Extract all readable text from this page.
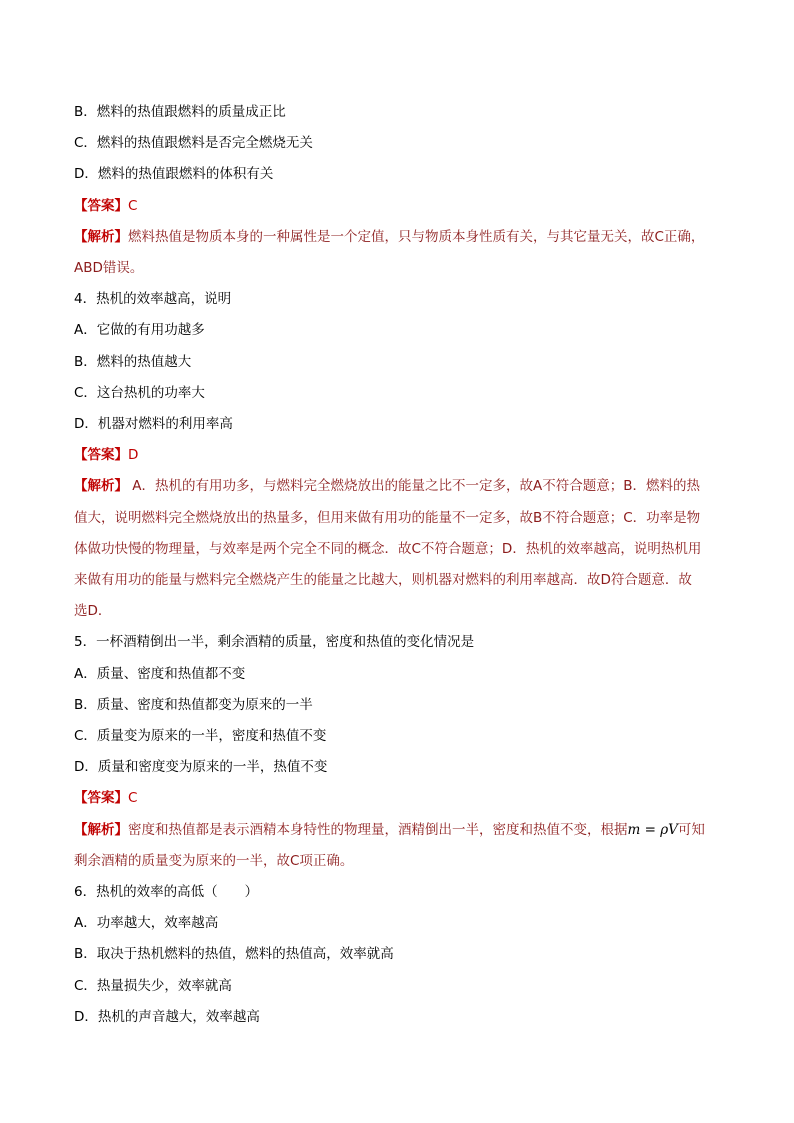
B．燃料的热值跟燃料的质量成正比
C．燃料的热值跟燃料是否完全燃烧无关
D．燃料的热值跟燃料的体积有关
【答案】C
【解析】燃料热值是物质本身的一种属性是一个定值，只与物质本身性质有关，与其它量无关，故C正确，
ABD错误。
4．热机的效率越高，说明
A．它做的有用功越多
B．燃料的热值越大
C．这台热机的功率大
D．机器对燃料的利用率高
【答案】D
【解析】 A．热机的有用功多，与燃料完全燃烧放出的能量之比不一定多，故A不符合题意；B．燃料的热
值大，说明燃料完全燃烧放出的热量多，但用来做有用功的能量不一定多，故B不符合题意；C．功率是物
体做功快慢的物理量，与效率是两个完全不同的概念．故C不符合题意；D．热机的效率越高，说明热机用
来做有用功的能量与燃料完全燃烧产生的能量之比越大，则机器对燃料的利用率越高．故D符合题意．故
选D．
5．一杯酒精倒出一半，剩余酒精的质量，密度和热值的变化情况是
A．质量、密度和热值都不变
B．质量、密度和热值都变为原来的一半
C．质量变为原来的一半，密度和热值不变
D．质量和密度变为原来的一半，热值不变
【答案】C
【解析】密度和热值都是表示酒精本身特性的物理量，酒精倒出一半，密度和热值不变，根据m = ρV可知
剩余酒精的质量变为原来的一半，故C项正确。
6．热机的效率的高低（　　）
A．功率越大，效率越高
B．取决于热机燃料的热值，燃料的热值高，效率就高
C．热量损失少，效率就高
D．热机的声音越大，效率越高
